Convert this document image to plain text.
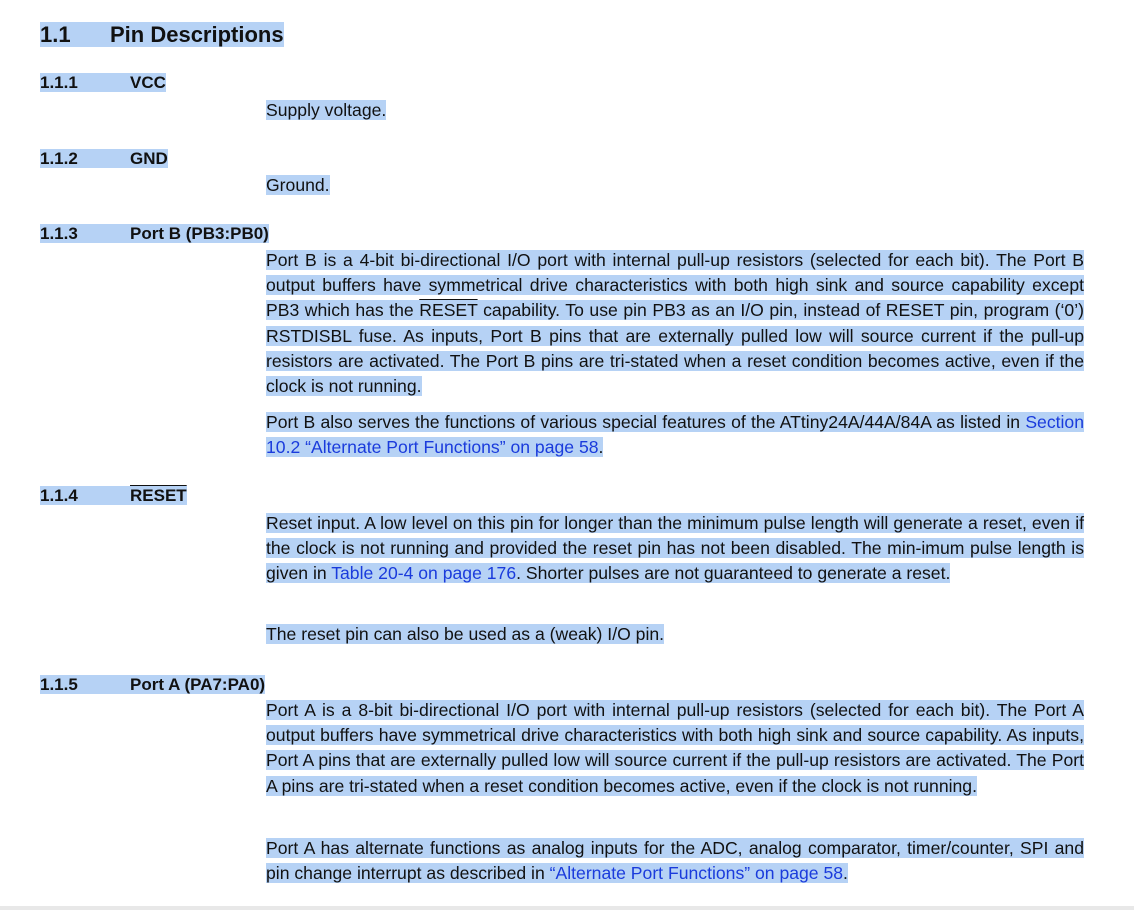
1.1 Pin Descriptions
1.1.1	VCC

Supply voltage.

1.1.2	GND

Ground.

1.1.3	Port B (PB3:PB0)

Port B is a 4-bit bi-directional I/O port with internal pull-up resistors (selected for each bit). The Port B output buffers have symmetrical drive characteristics with both high sink and source capability except PB3 which has the RESET capability. To use pin PB3 as an I/O pin, instead of RESET pin, program (‘0’) RSTDISBL fuse. As inputs, Port B pins that are externally pulled low will source current if the pull-up resistors are activated. The Port B pins are tri-stated when a reset condition becomes active, even if the clock is not running.

Port B also serves the functions of various special features of the ATtiny24A/44A/84A as listed in Section 10.2 “Alternate Port Functions” on page 58.

1.1.4	RESET

Reset input. A low level on this pin for longer than the minimum pulse length will generate a reset, even if the clock is not running and provided the reset pin has not been disabled. The min-imum pulse length is given in Table 20-4 on page 176. Shorter pulses are not guaranteed to generate a reset.

The reset pin can also be used as a (weak) I/O pin.

1.1.5	Port A (PA7:PA0)

Port A is a 8-bit bi-directional I/O port with internal pull-up resistors (selected for each bit). The Port A output buffers have symmetrical drive characteristics with both high sink and source capability. As inputs, Port A pins that are externally pulled low will source current if the pull-up resistors are activated. The Port A pins are tri-stated when a reset condition becomes active, even if the clock is not running.

Port A has alternate functions as analog inputs for the ADC, analog comparator, timer/counter, SPI and pin change interrupt as described in “Alternate Port Functions” on page 58.
